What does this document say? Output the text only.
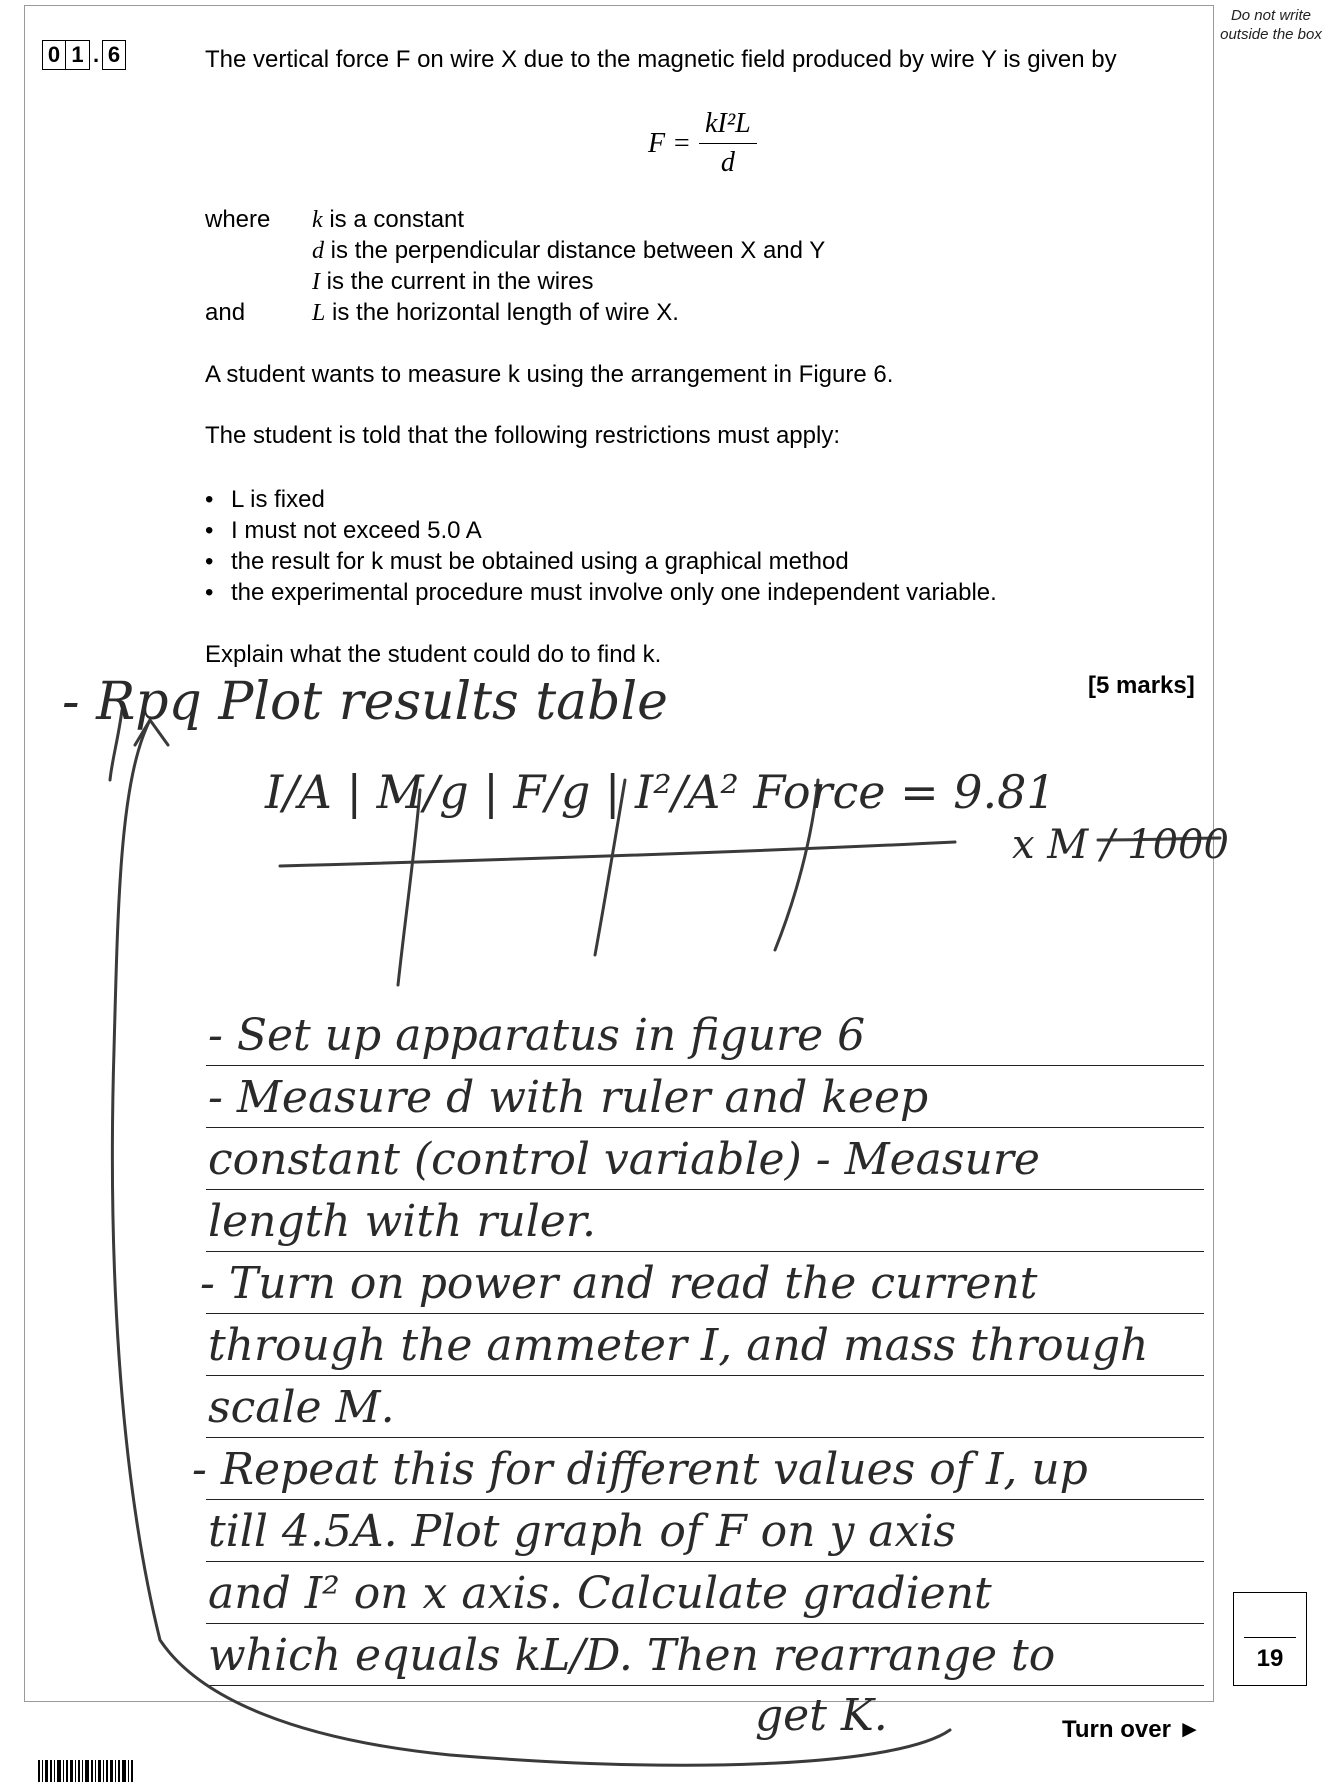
Do not write outside the box
0 1 . 6	The vertical force F on wire X due to the magnetic field produced by wire Y is given by
$F = \frac{\text{kI²L}}{d}$
where
and
k is a constant
d is the perpendicular distance between X and Y
I is the current in the wires
L is the horizontal length of wire X.
A student wants to measure k using the arrangement in Figure 6.
The student is told that the following restrictions must apply:
• L is fixed
• I must not exceed 5.0 A
• the result for k must be obtained using a graphical method
• the experimental procedure must involve only one independent variable.
Explain what the student could do to find k.
[5 marks]
- Rpq Plot results table
I/A | M/g | F/g | I²/A² Force = 9.81
x M / 1000
- Set up apparatus in figure 6
- Measure d with ruler and keep
constant (control variable) - Measure
length with ruler.
- Turn on power and read the current
through the ammeter I, and mass through
scale M.
- Repeat this for different values of I, up
till 4.5A. Plot graph of F on y axis
and I² on x axis. Calculate gradient
which equals kL/D. Then rearrange to
get K.
19
Turn over ►
